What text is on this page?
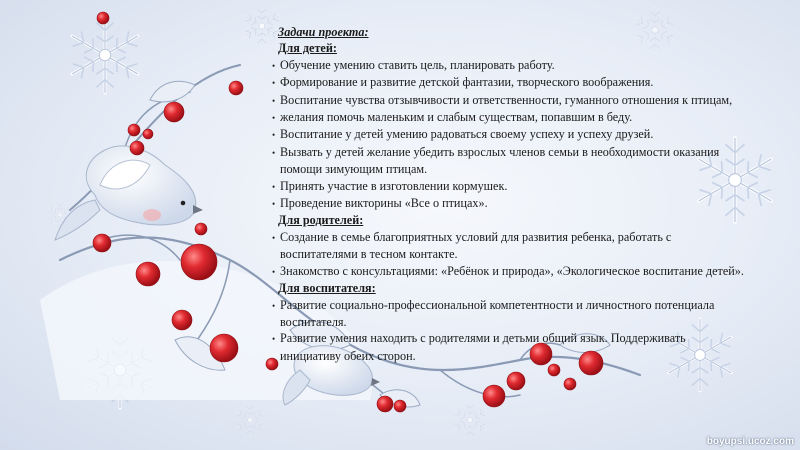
Задачи проекта:
Для детей:
• Обучение умению ставить цель, планировать работу.
• Формирование и развитие детской фантазии, творческого воображения.
• Воспитание чувства отзывчивости и ответственности, гуманного отношения к птицам,
• желания помочь маленьким и слабым существам, попавшим в беду.
• Воспитание у детей умению радоваться своему успеху и успеху друзей.
• Вызвать у детей желание убедить взрослых членов семьи в необходимости оказания помощи зимующим птицам.
• Принять участие в изготовлении кормушек.
• Проведение викторины «Все о птицах».
Для родителей:
• Создание в семье благоприятных условий для развития ребенка, работать с воспитателями в тесном контакте.
• Знакомство с консультациями: «Ребёнок и природа», «Экологическое воспитание детей».
Для воспитателя:
• Развитие социально-профессиональной компетентности и личностного потенциала воспитателя.
• Развитие умения находить с родителями и детьми общий язык. Поддерживать инициативу обеих сторон.
boyupsi.ucoz.com
